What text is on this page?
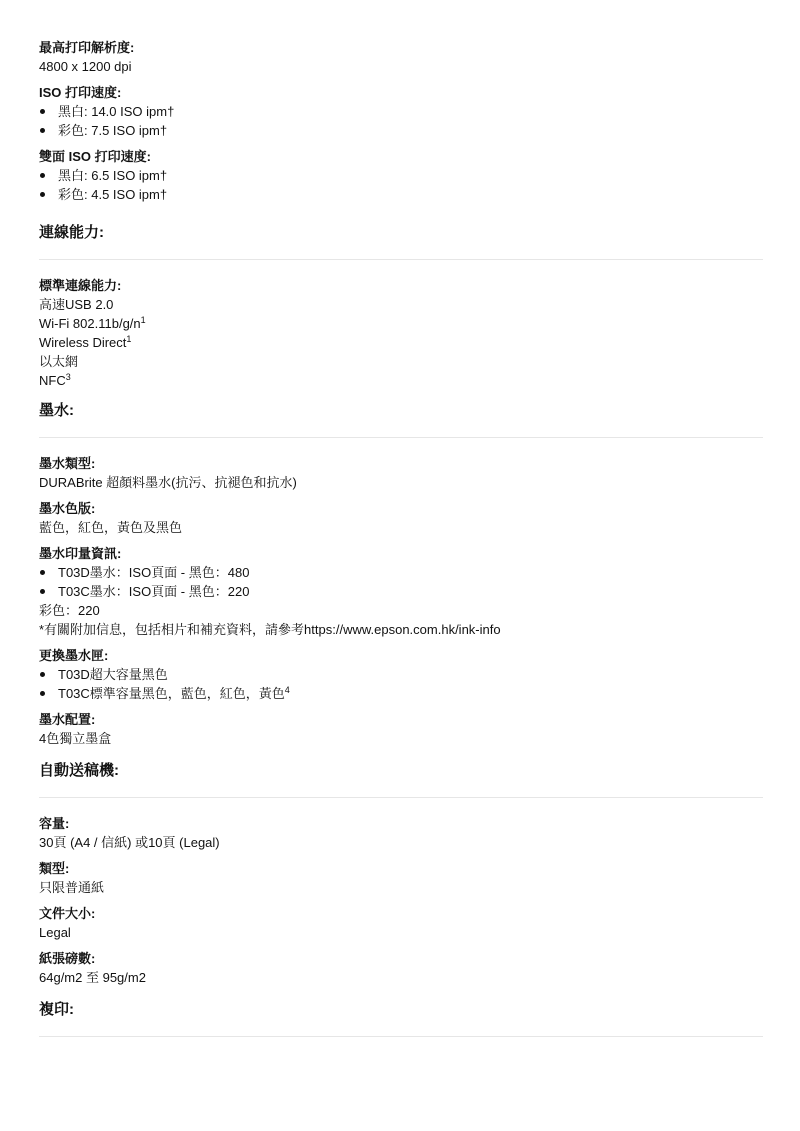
最高打印解析度:

4800 x 1200 dpi

ISO 打印速度:

黑白: 14.0 ISO ipm†
彩色: 7.5 ISO ipm†

雙面 ISO 打印速度:

黑白: 6.5 ISO ipm†
彩色: 4.5 ISO ipm†
連線能力:

標準連線能力:

高速USB 2.0

Wi-Fi $802.11b/g/n^1$

Wireless Direct$^1$

以太網

NFC$^3$

墨水:

墨水類型:

DURABrite 超顏料墨水(抗污、抗褪色和抗水)

墨水色版:

藍色，紅色，黃色及黑色

墨水印量資訊:

T03D墨水：ISO頁面 - 黑色：480
T03C墨水：ISO頁面 - 黑色：220

彩色：220

*有關附加信息，包括相片和補充資料，請參考https://www.epson.com.hk/ink-info

更換墨水匣:

T03D超大容量黑色
T03C標準容量黑色，藍色，紅色，黃色$^4$

墨水配置:

4色獨立墨盒

自動送稿機:

容量:

30頁 (A4 / 信紙) 或10頁 (Legal)

類型:

只限普通紙

文件大小:

Legal

紙張磅數:

64g/m2 至 95g/m2

複印:
